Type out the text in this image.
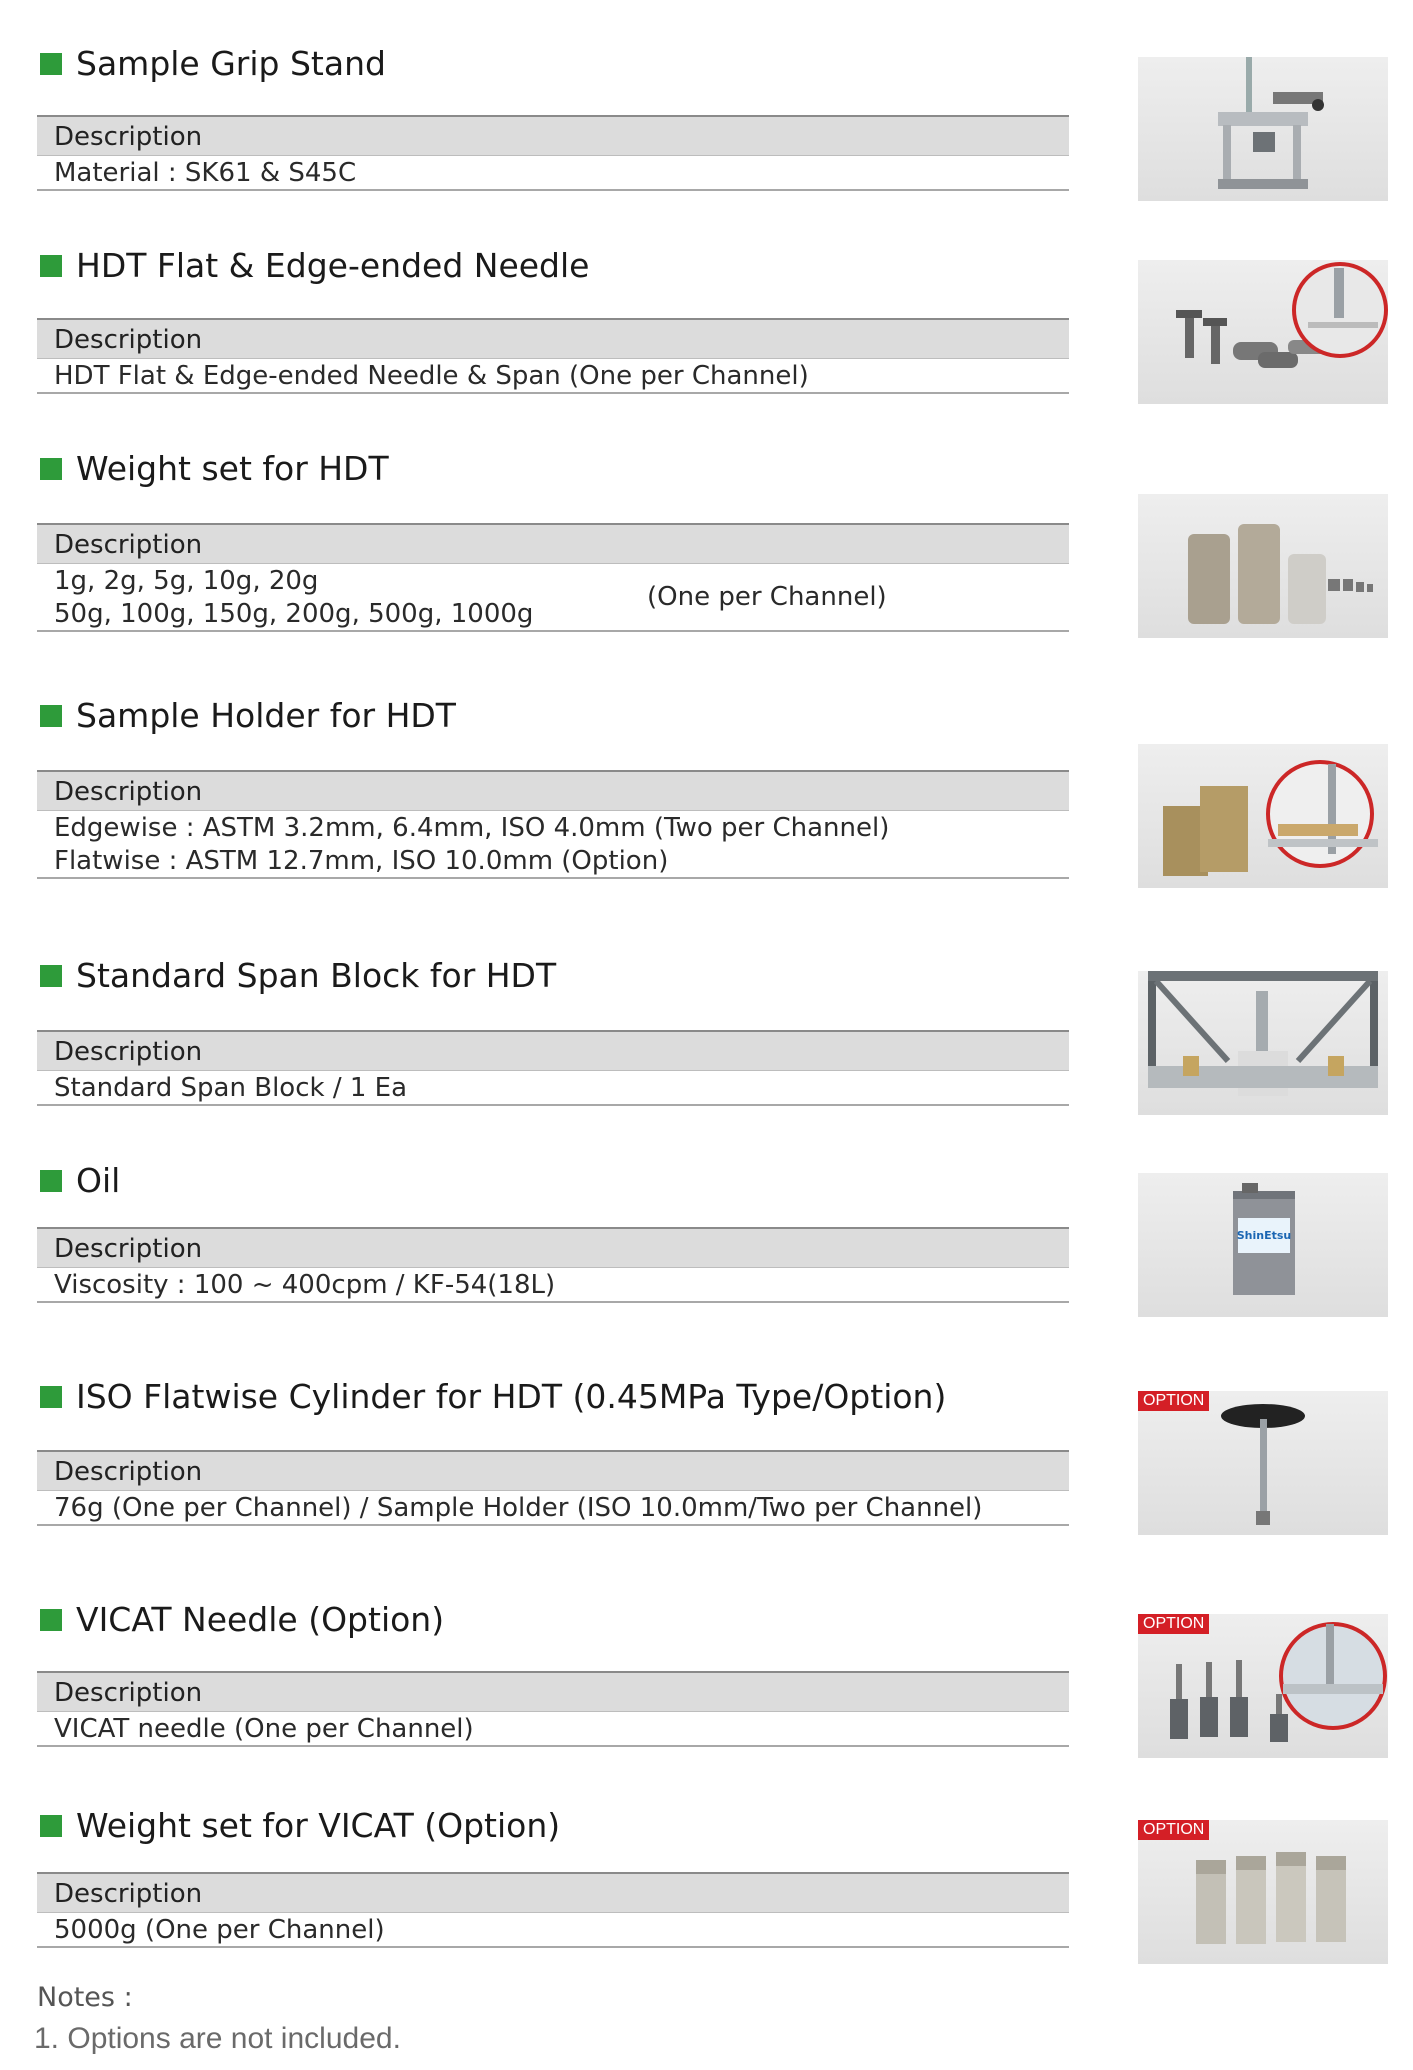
Sample Grip Stand
Description
Material : SK61 & S45C
HDT Flat & Edge-ended Needle
Description
HDT Flat & Edge-ended Needle & Span (One per Channel)
Weight set for HDT
Description
1g, 2g, 5g, 10g, 20g
50g, 100g, 150g, 200g, 500g, 1000g
(One per Channel)
Sample Holder for HDT
Description
Edgewise : ASTM 3.2mm, 6.4mm, ISO 4.0mm (Two per Channel)
Flatwise : ASTM 12.7mm, ISO 10.0mm (Option)
Standard Span Block for HDT
Description
Standard Span Block / 1 Ea
Oil
Description
Viscosity : 100 ~ 400cpm / KF-54(18L)
ShinEtsu
ISO Flatwise Cylinder for HDT (0.45MPa Type/Option)
Description
76g (One per Channel) / Sample Holder (ISO 10.0mm/Two per Channel)
OPTION
VICAT Needle (Option)
Description
VICAT needle (One per Channel)
OPTION
Weight set for VICAT (Option)
Description
5000g (One per Channel)
OPTION
Notes :
1. Options are not included.
